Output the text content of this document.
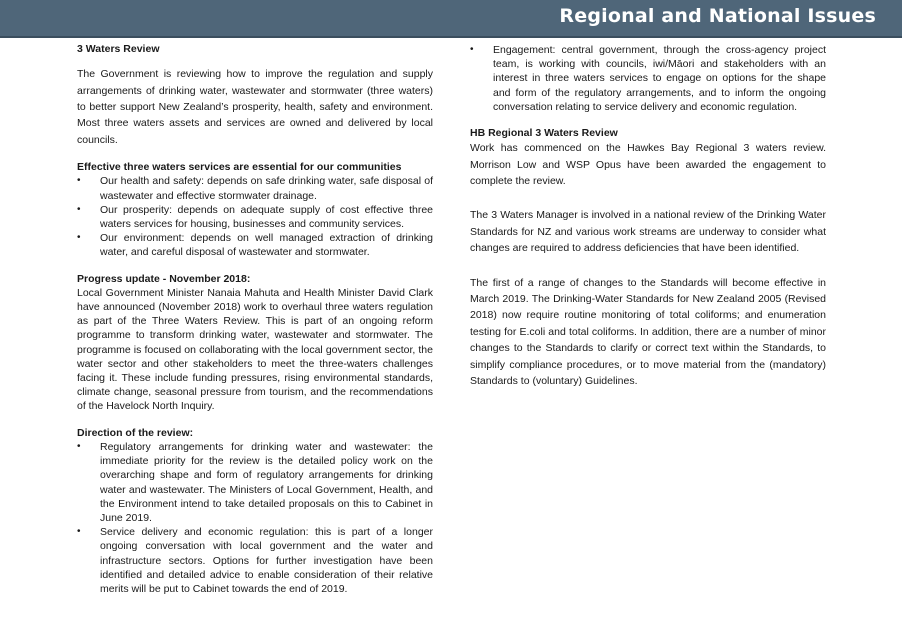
Regional and National Issues
3 Waters Review

The Government is reviewing how to improve the regulation and supply arrangements of drinking water, wastewater and stormwater (three waters) to better support New Zealand’s prosperity, health, safety and environment. Most three waters assets and services are owned and delivered by local councils.

Effective three waters services are essential for our communities
• Our health and safety: depends on safe drinking water, safe disposal of wastewater and effective stormwater drainage.
• Our prosperity: depends on adequate supply of cost effective three waters services for housing, businesses and community services.
• Our environment: depends on well managed extraction of drinking water, and careful disposal of wastewater and stormwater.
Progress update - November 2018:

Local Government Minister Nanaia Mahuta and Health Minister David Clark have announced (November 2018) work to overhaul three waters regulation as part of the Three Waters Review. This is part of an ongoing reform programme to transform drinking water, wastewater and stormwater. The programme is focused on collaborating with the local government sector, the water sector and other stakeholders to meet the three-waters challenges facing it. These include funding pressures, rising environmental standards, climate change, seasonal pressure from tourism, and the recommendations of the Havelock North Inquiry.

Direction of the review:
• Regulatory arrangements for drinking water and wastewater: the immediate priority for the review is the detailed policy work on the overarching shape and form of regulatory arrangements for drinking water and wastewater. The Ministers of Local Government, Health, and the Environment intend to take detailed proposals on this to Cabinet in June 2019.
• Service delivery and economic regulation: this is part of a longer ongoing conversation with local government and the water and infrastructure sectors. Options for further investigation have been identified and detailed advice to enable consideration of their relative merits will be put to Cabinet towards the end of 2019.
• Engagement: central government, through the cross-agency project team, is working with councils, iwi/Māori and stakeholders with an interest in three waters services to engage on options for the shape and form of the regulatory arrangements, and to inform the ongoing conversation relating to service delivery and economic regulation.
HB Regional 3 Waters Review

Work has commenced on the Hawkes Bay Regional 3 waters review. Morrison Low and WSP Opus have been awarded the engagement to complete the review.

The 3 Waters Manager is involved in a national review of the Drinking Water Standards for NZ and various work streams are underway to consider what changes are required to address deficiencies that have been identified.

The first of a range of changes to the Standards will become effective in March 2019. The Drinking-Water Standards for New Zealand 2005 (Revised 2018) now require routine monitoring of total coliforms; and enumeration testing for E.coli and total coliforms. In addition, there are a number of minor changes to the Standards to clarify or correct text within the Standards, to simplify compliance procedures, or to move material from the (mandatory) Standards to (voluntary) Guidelines.
